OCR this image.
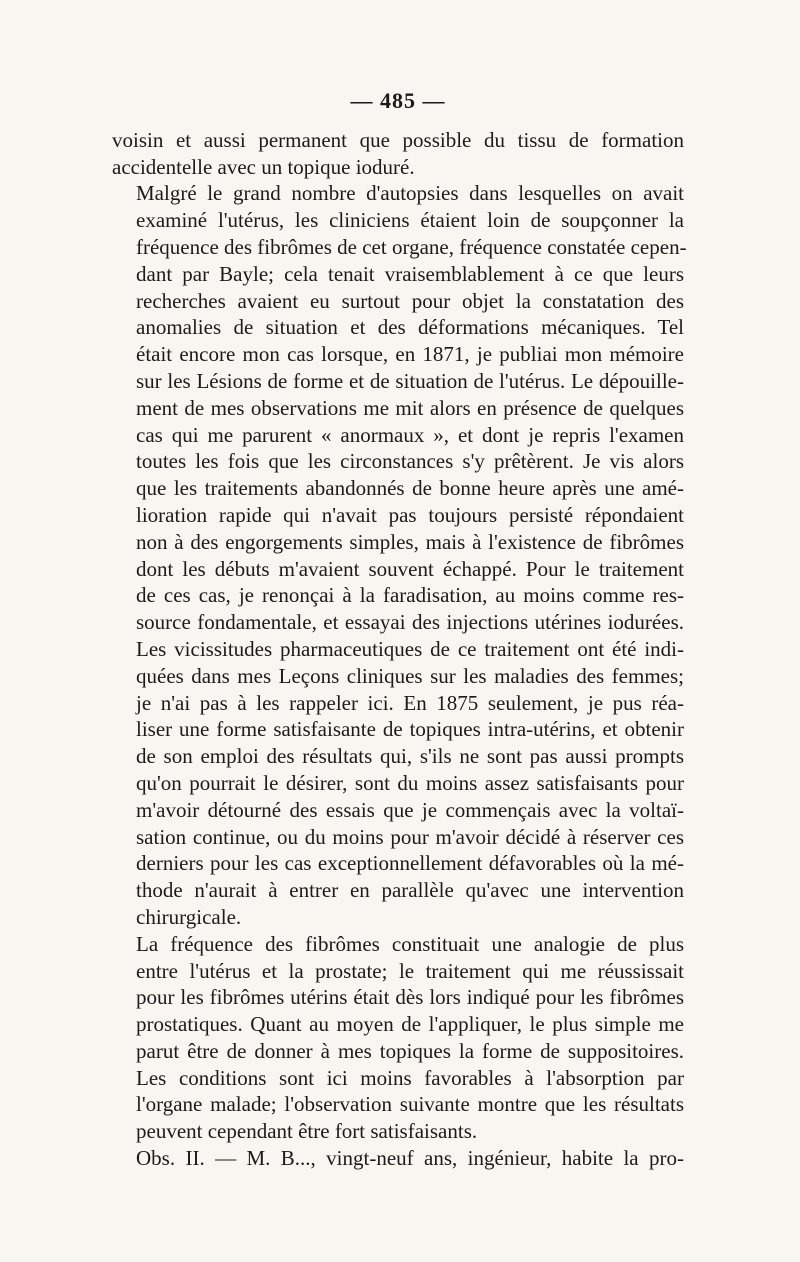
— 485 —

voisin et aussi permanent que possible du tissu de formation
accidentelle avec un topique ioduré.

Malgré le grand nombre d'autopsies dans lesquelles on avait
examiné l'utérus, les cliniciens étaient loin de soupçonner la
fréquence des fibrômes de cet organe, fréquence constatée cepen-
dant par Bayle; cela tenait vraisemblablement à ce que leurs
recherches avaient eu surtout pour objet la constatation des
anomalies de situation et des déformations mécaniques. Tel
était encore mon cas lorsque, en 1871, je publiai mon mémoire
sur les Lésions de forme et de situation de l'utérus. Le dépouille-
ment de mes observations me mit alors en présence de quelques
cas qui me parurent « anormaux », et dont je repris l'examen
toutes les fois que les circonstances s'y prêtèrent. Je vis alors
que les traitements abandonnés de bonne heure après une amé-
lioration rapide qui n'avait pas toujours persisté répondaient
non à des engorgements simples, mais à l'existence de fibrômes
dont les débuts m'avaient souvent échappé. Pour le traitement
de ces cas, je renonçai à la faradisation, au moins comme res-
source fondamentale, et essayai des injections utérines iodurées.
Les vicissitudes pharmaceutiques de ce traitement ont été indi-
quées dans mes Leçons cliniques sur les maladies des femmes;
je n'ai pas à les rappeler ici. En 1875 seulement, je pus réa-
liser une forme satisfaisante de topiques intra-utérins, et obtenir
de son emploi des résultats qui, s'ils ne sont pas aussi prompts
qu'on pourrait le désirer, sont du moins assez satisfaisants pour
m'avoir détourné des essais que je commençais avec la voltaï-
sation continue, ou du moins pour m'avoir décidé à réserver ces
derniers pour les cas exceptionnellement défavorables où la mé-
thode n'aurait à entrer en parallèle qu'avec une intervention
chirurgicale.

La fréquence des fibrômes constituait une analogie de plus
entre l'utérus et la prostate; le traitement qui me réussissait
pour les fibrômes utérins était dès lors indiqué pour les fibrômes
prostatiques. Quant au moyen de l'appliquer, le plus simple me
parut être de donner à mes topiques la forme de suppositoires.
Les conditions sont ici moins favorables à l'absorption par
l'organe malade; l'observation suivante montre que les résultats
peuvent cependant être fort satisfaisants.

Obs. II. — M. B..., vingt-neuf ans, ingénieur, habite la pro-
